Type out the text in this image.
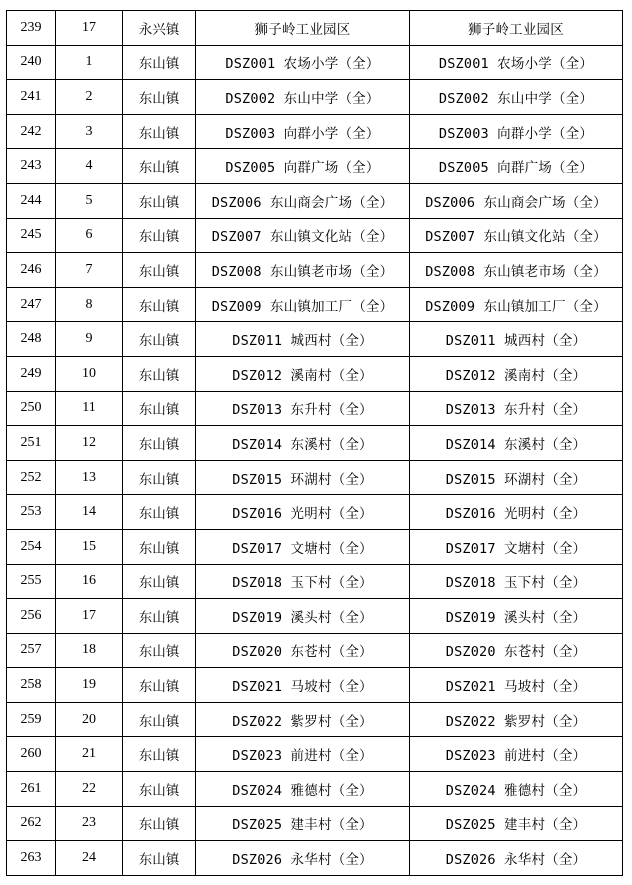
239	17	永兴镇	狮子岭工业园区	狮子岭工业园区
240	1	东山镇	DSZ001 农场小学（全）	DSZ001 农场小学（全）
241	2	东山镇	DSZ002 东山中学（全）	DSZ002 东山中学（全）
242	3	东山镇	DSZ003 向群小学（全）	DSZ003 向群小学（全）
243	4	东山镇	DSZ005 向群广场（全）	DSZ005 向群广场（全）
244	5	东山镇	DSZ006 东山商会广场（全）	DSZ006 东山商会广场（全）
245	6	东山镇	DSZ007 东山镇文化站（全）	DSZ007 东山镇文化站（全）
246	7	东山镇	DSZ008 东山镇老市场（全）	DSZ008 东山镇老市场（全）
247	8	东山镇	DSZ009 东山镇加工厂（全）	DSZ009 东山镇加工厂（全）
248	9	东山镇	DSZ011 城西村（全）	DSZ011 城西村（全）
249	10	东山镇	DSZ012 溪南村（全）	DSZ012 溪南村（全）
250	11	东山镇	DSZ013 东升村（全）	DSZ013 东升村（全）
251	12	东山镇	DSZ014 东溪村（全）	DSZ014 东溪村（全）
252	13	东山镇	DSZ015 环湖村（全）	DSZ015 环湖村（全）
253	14	东山镇	DSZ016 光明村（全）	DSZ016 光明村（全）
254	15	东山镇	DSZ017 文塘村（全）	DSZ017 文塘村（全）
255	16	东山镇	DSZ018 玉下村（全）	DSZ018 玉下村（全）
256	17	东山镇	DSZ019 溪头村（全）	DSZ019 溪头村（全）
257	18	东山镇	DSZ020 东苍村（全）	DSZ020 东苍村（全）
258	19	东山镇	DSZ021 马坡村（全）	DSZ021 马坡村（全）
259	20	东山镇	DSZ022 紫罗村（全）	DSZ022 紫罗村（全）
260	21	东山镇	DSZ023 前进村（全）	DSZ023 前进村（全）
261	22	东山镇	DSZ024 雅德村（全）	DSZ024 雅德村（全）
262	23	东山镇	DSZ025 建丰村（全）	DSZ025 建丰村（全）
263	24	东山镇	DSZ026 永华村（全）	DSZ026 永华村（全）
